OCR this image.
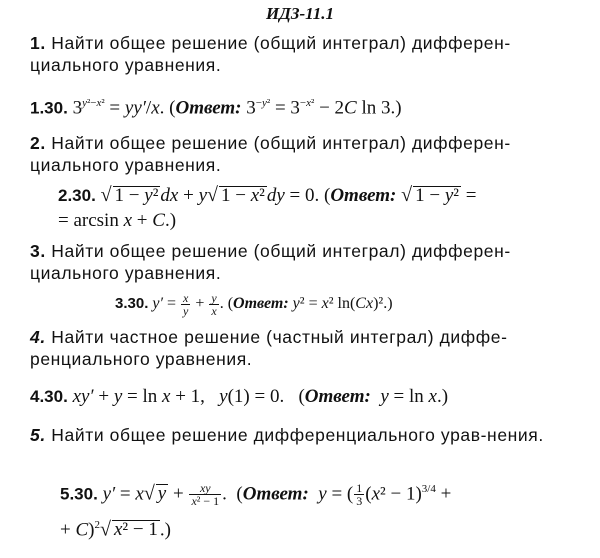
ИДЗ-11.1
1. Найти общее решение (общий интеграл) дифферен-циального уравнения.
1.30. $3^{y^2-x^2} = yy'/x$. (Ответ: $3^{-y^2} = 3^{-x^2} - 2C$ ln 3.)
2. Найти общее решение (общий интеграл) дифферен-циального уравнения.
2.30. √ 1 − y² dx + y√ 1 − x² dy = 0. (Ответ: √ 1 − y² =
= arcsin x + C.)
3. Найти общее решение (общий интеграл) дифферен-циального уравнения.
3.30. $y' = \frac{x}{y} + \frac{y}{x}$ . (Ответ: y² = x² ln(Cx)².)
4. Найти частное решение (частный интеграл) диффе-ренциального уравнения.
4.30. xy′ + y = ln x + 1,   y(1) = 0.   (Ответ: y = ln x.)
5. Найти общее решение дифференциального урав-нения.
5.30. y′ = x√ $y + \frac{xy}{\text{x² − 1}}$ .  (Ответ: y = ( $\frac{1}{3} (x^2 - 1)^{3/4}$ +
+ C)$^2$√ x² − 1 .)
